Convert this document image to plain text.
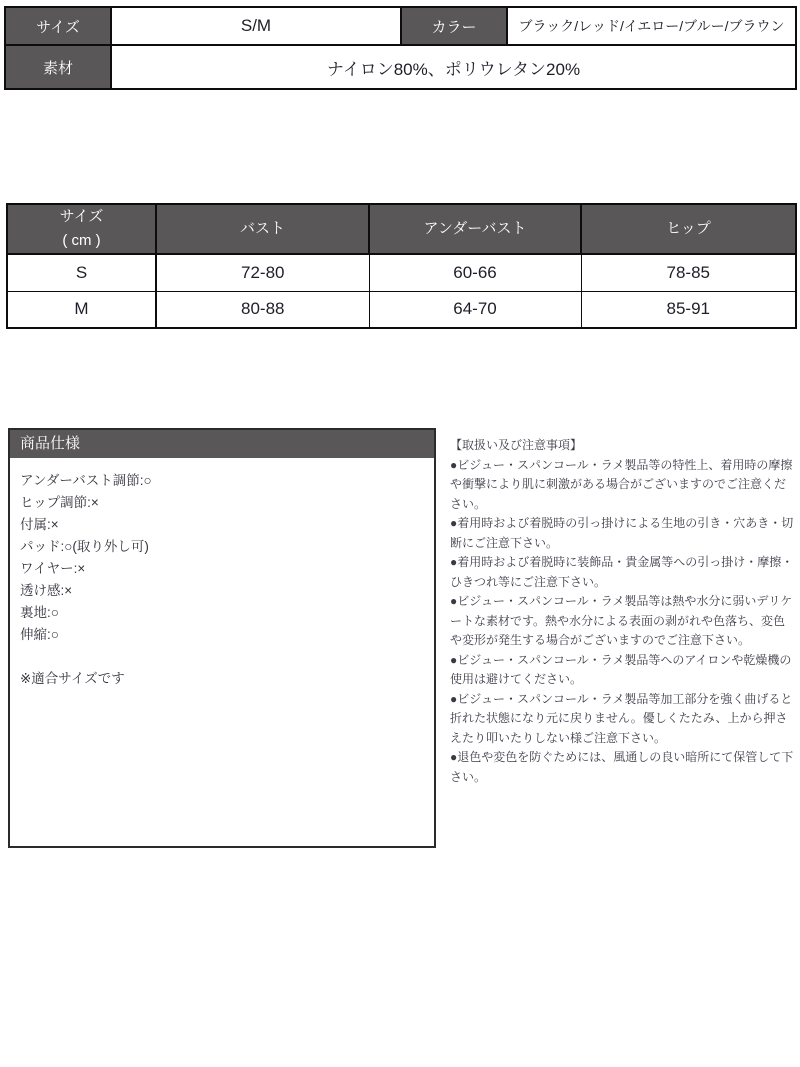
サイズ	S/M	カラー	ブラック/レッド/イエロー/ブルー/ブラウン
素材	ナイロン80%、ポリウレタン20%		
サイズ
( cm )	バスト	アンダーバスト	ヒップ
S	72-80	60-66	78-85
M	80-88	64-70	85-91
商品仕様
アンダーバスト調節:○
ヒップ調節:×
付属:×
パッド:○(取り外し可)
ワイヤー:×
透け感:×
裏地:○
伸縮:○
※適合サイズです

【取扱い及び注意事項】

●ビジュー・スパンコール・ラメ製品等の特性上、着用時の摩擦や衝撃により肌に刺激がある場合がございますのでご注意ください。

●着用時および着脱時の引っ掛けによる生地の引き・穴あき・切断にご注意下さい。

●着用時および着脱時に装飾品・貴金属等への引っ掛け・摩擦・ひきつれ等にご注意下さい。

●ビジュー・スパンコール・ラメ製品等は熱や水分に弱いデリケートな素材です。熱や水分による表面の剥がれや色落ち、変色や変形が発生する場合がございますのでご注意下さい。

●ビジュー・スパンコール・ラメ製品等へのアイロンや乾燥機の使用は避けてください。

●ビジュー・スパンコール・ラメ製品等加工部分を強く曲げると折れた状態になり元に戻りません。優しくたたみ、上から押さえたり叩いたりしない様ご注意下さい。

●退色や変色を防ぐためには、風通しの良い暗所にて保管して下さい。
